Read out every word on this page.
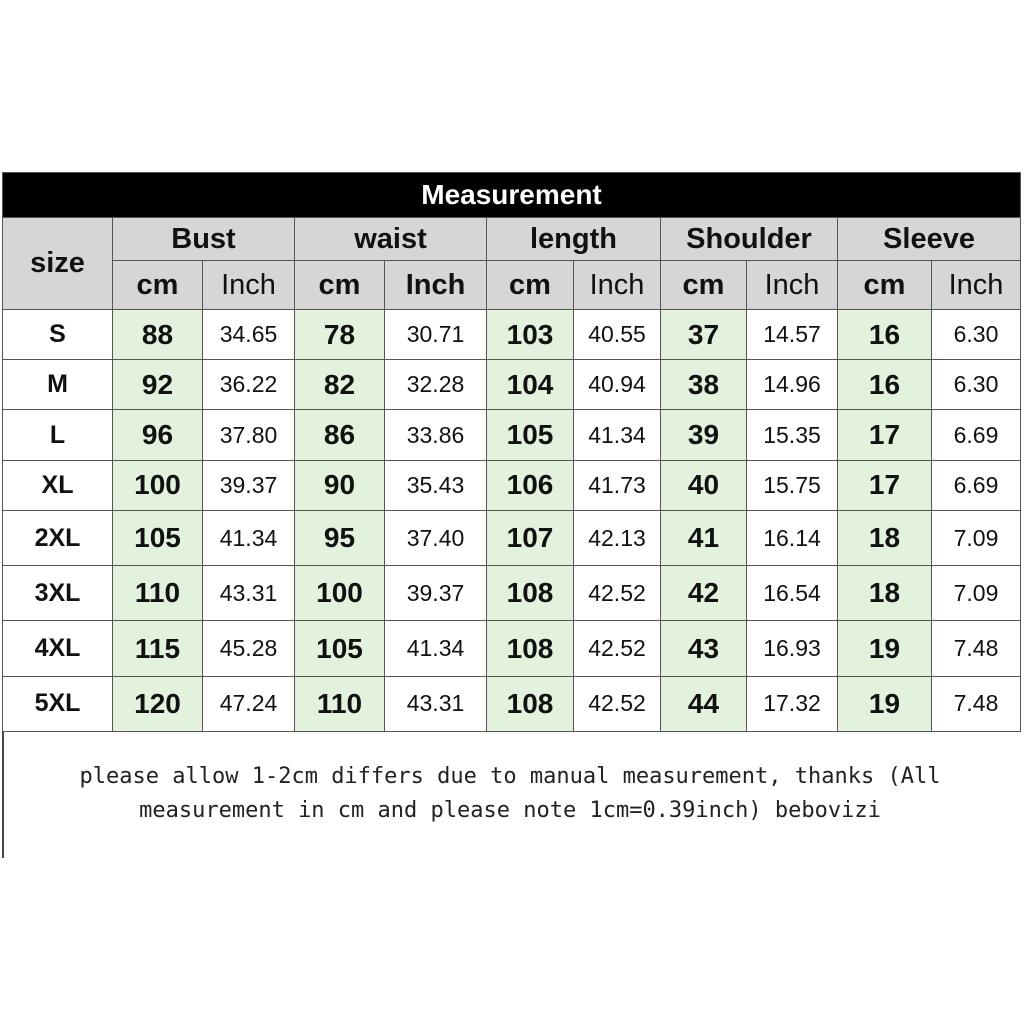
Measurement										
size	Bust		waist		length		Shoulder		Sleeve	
	cm	Inch	cm	Inch	cm	Inch	cm	Inch	cm	Inch
S	88	34.65	78	30.71	103	40.55	37	14.57	16	6.30
M	92	36.22	82	32.28	104	40.94	38	14.96	16	6.30
L	96	37.80	86	33.86	105	41.34	39	15.35	17	6.69
XL	100	39.37	90	35.43	106	41.73	40	15.75	17	6.69
2XL	105	41.34	95	37.40	107	42.13	41	16.14	18	7.09
3XL	110	43.31	100	39.37	108	42.52	42	16.54	18	7.09
4XL	115	45.28	105	41.34	108	42.52	43	16.93	19	7.48
5XL	120	47.24	110	43.31	108	42.52	44	17.32	19	7.48
please allow 1-2cm differs due to manual measurement, thanks (All
measurement in cm and please note 1cm=0.39inch) bebovizi
